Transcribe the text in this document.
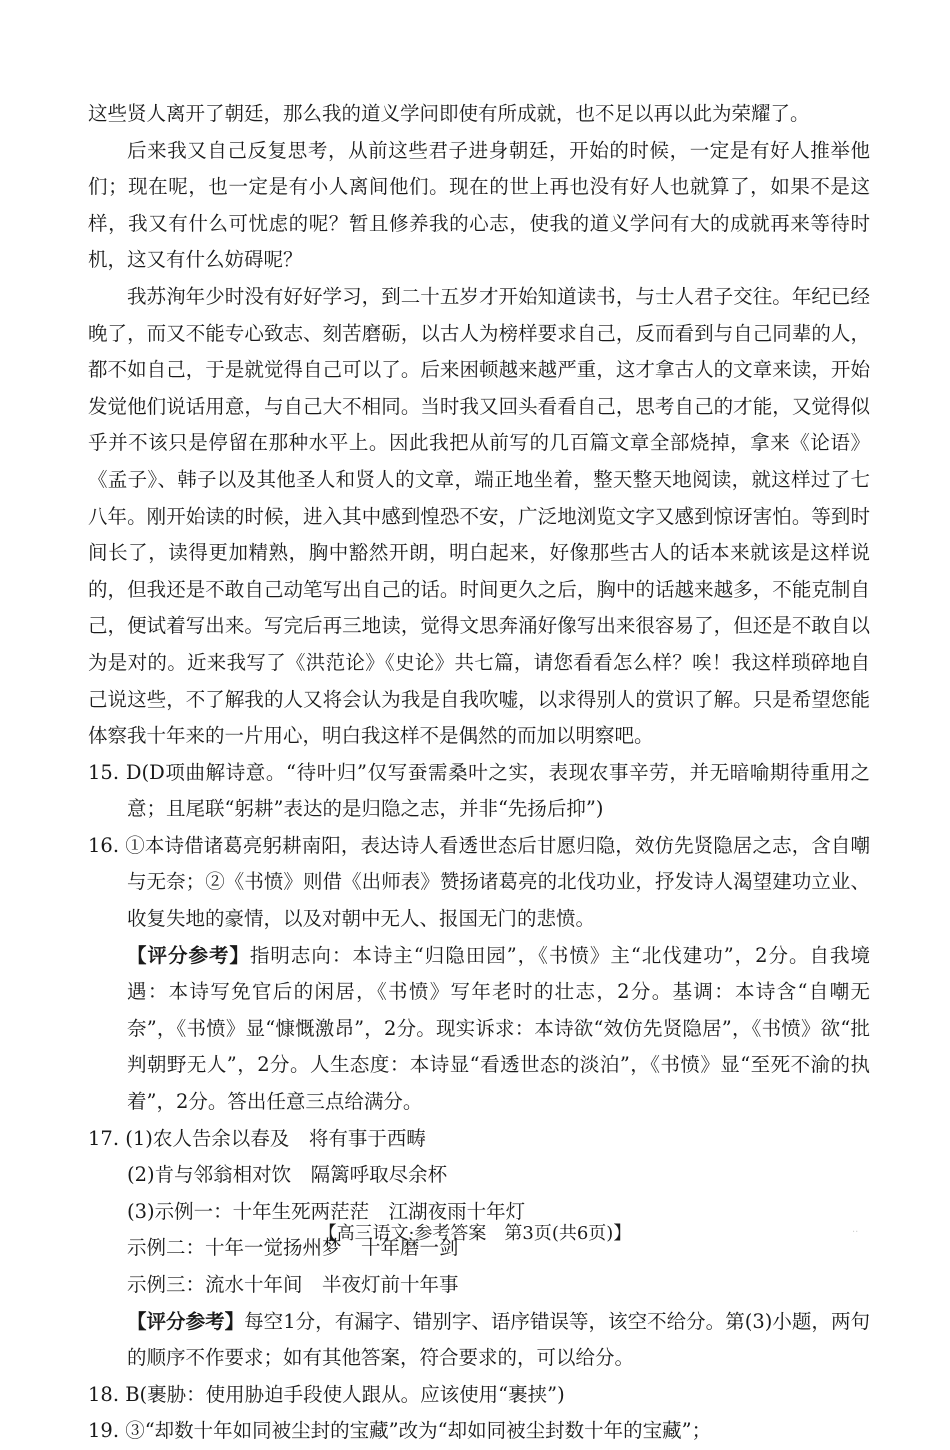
这些贤人离开了朝廷，那么我的道义学问即使有所成就，也不足以再以此为荣耀了。

后来我又自己反复思考，从前这些君子进身朝廷，开始的时候，一定是有好人推举他们；现在呢，也一定是有小人离间他们。现在的世上再也没有好人也就算了，如果不是这样，我又有什么可忧虑的呢？暂且修养我的心志，使我的道义学问有大的成就再来等待时机，这又有什么妨碍呢？

我苏洵年少时没有好好学习，到二十五岁才开始知道读书，与士人君子交往。年纪已经晚了，而又不能专心致志、刻苦磨砺，以古人为榜样要求自己，反而看到与自己同辈的人，都不如自己，于是就觉得自己可以了。后来困顿越来越严重，这才拿古人的文章来读，开始发觉他们说话用意，与自己大不相同。当时我又回头看看自己，思考自己的才能，又觉得似乎并不该只是停留在那种水平上。因此我把从前写的几百篇文章全部烧掉，拿来《论语》《孟子》、韩子以及其他圣人和贤人的文章，端正地坐着，整天整天地阅读，就这样过了七八年。刚开始读的时候，进入其中感到惶恐不安，广泛地浏览文字又感到惊讶害怕。等到时间长了，读得更加精熟，胸中豁然开朗，明白起来，好像那些古人的话本来就该是这样说的，但我还是不敢自己动笔写出自己的话。时间更久之后，胸中的话越来越多，不能克制自己，便试着写出来。写完后再三地读，觉得文思奔涌好像写出来很容易了，但还是不敢自以为是对的。近来我写了《洪范论》《史论》共七篇，请您看看怎么样？唉！我这样琐碎地自己说这些，不了解我的人又将会认为我是自我吹嘘，以求得别人的赏识了解。只是希望您能体察我十年来的一片用心，明白我这样不是偶然的而加以明察吧。

15. D(D项曲解诗意。“待叶归”仅写蚕需桑叶之实，表现农事辛劳，并无暗喻期待重用之意；且尾联“躬耕”表达的是归隐之志，并非“先扬后抑”)

16. ①本诗借诸葛亮躬耕南阳，表达诗人看透世态后甘愿归隐，效仿先贤隐居之志，含自嘲与无奈；②《书愤》则借《出师表》赞扬诸葛亮的北伐功业，抒发诗人渴望建功立业、收复失地的豪情，以及对朝中无人、报国无门的悲愤。

【评分参考】指明志向：本诗主“归隐田园”，《书愤》主“北伐建功”，2分。自我境遇：本诗写免官后的闲居，《书愤》写年老时的壮志，2分。基调：本诗含“自嘲无奈”，《书愤》显“慷慨激昂”，2分。现实诉求：本诗欲“效仿先贤隐居”，《书愤》欲“批判朝野无人”，2分。人生态度：本诗显“看透世态的淡泊”，《书愤》显“至死不渝的执着”，2分。答出任意三点给满分。

17. (1)农人告余以春及　将有事于西畴

(2)肯与邻翁相对饮　隔篱呼取尽余杯

(3)示例一：十年生死两茫茫　江湖夜雨十年灯

示例二：十年一觉扬州梦　十年磨一剑

示例三：流水十年间　半夜灯前十年事

【评分参考】每空1分，有漏字、错别字、语序错误等，该空不给分。第(3)小题，两句的顺序不作要求；如有其他答案，符合要求的，可以给分。

18. B(裹胁：使用胁迫手段使人跟从。应该使用“裹挟”)

19. ③“却数十年如同被尘封的宝藏”改为“却如同被尘封数十年的宝藏”；

【高三语文·参考答案　第3页(共6页)】	··
